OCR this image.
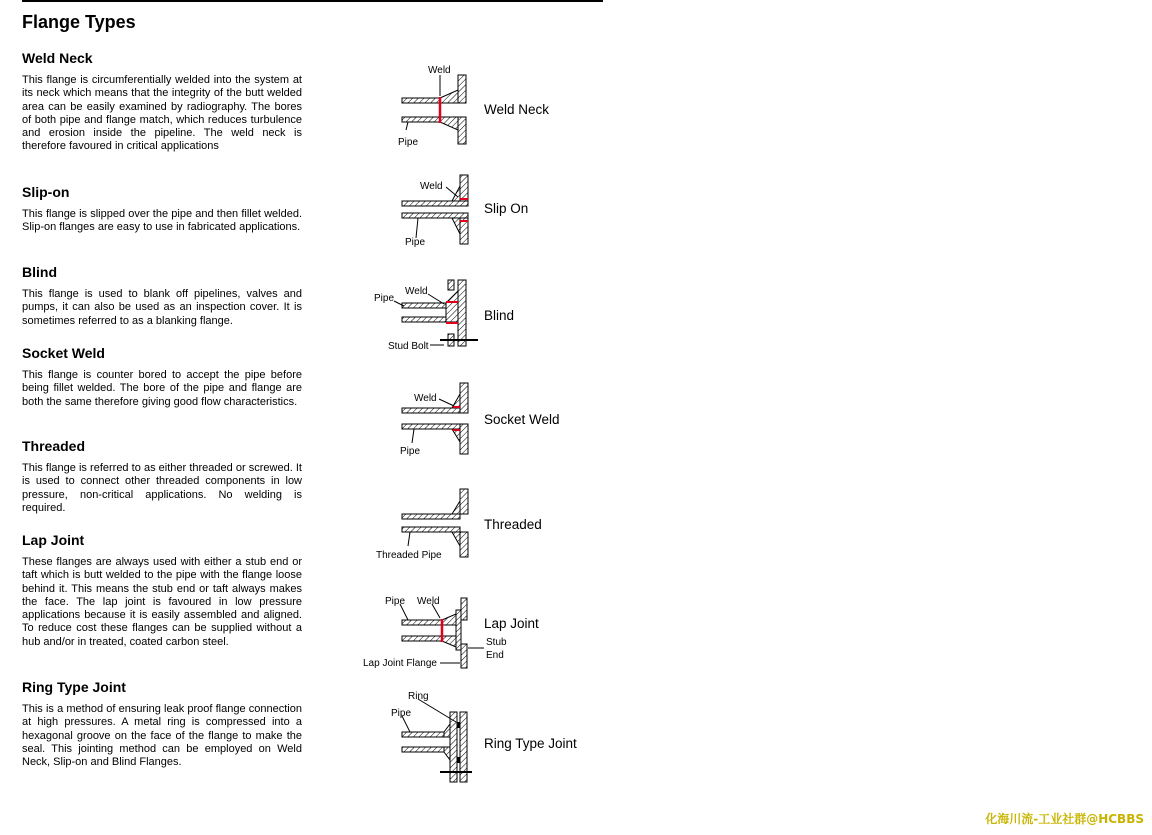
Flange Types
Weld Neck

This flange is circumferentially welded into the system at its neck which means that the integrity of the butt welded area can be easily examined by radiography. The bores of both pipe and flange match, which reduces turbulence and erosion inside the pipeline. The weld neck is therefore favoured in critical applications

Slip-on

This flange is slipped over the pipe and then fillet welded. Slip-on flanges are easy to use in fabricated applications.

Blind

This flange is used to blank off pipelines, valves and pumps, it can also be used as an inspection cover. It is sometimes referred to as a blanking flange.

Socket Weld

This flange is counter bored to accept the pipe before being fillet welded. The bore of the pipe and flange are both the same therefore giving good flow characteristics.

Threaded

This flange is referred to as either threaded or screwed. It is used to connect other threaded components in low pressure, non-critical applications. No welding is required.

Lap Joint

These flanges are always used with either a stub end or taft which is butt welded to the pipe with the flange loose behind it. This means the stub end or taft always makes the face. The lap joint is favoured in low pressure applications because it is easily assembled and aligned. To reduce cost these flanges can be supplied without a hub and/or in treated, coated carbon steel.

Ring Type Joint

This is a method of ensuring leak proof flange connection at high pressures. A metal ring is compressed into a hexagonal groove on the face of the flange to make the seal. This jointing method can be employed on Weld Neck, Slip-on and Blind Flanges.

Weld
Pipe
Weld Neck
Weld
Pipe
Slip On
Pipe
Weld
Stud Bolt
Blind
Weld
Pipe
Socket Weld
Threaded Pipe
Threaded
Pipe Weld
Lap Joint
Stub
End
Lap Joint Flange
Ring
Pipe
Ring Type Joint
化海川流-工业社群@HCBBS
